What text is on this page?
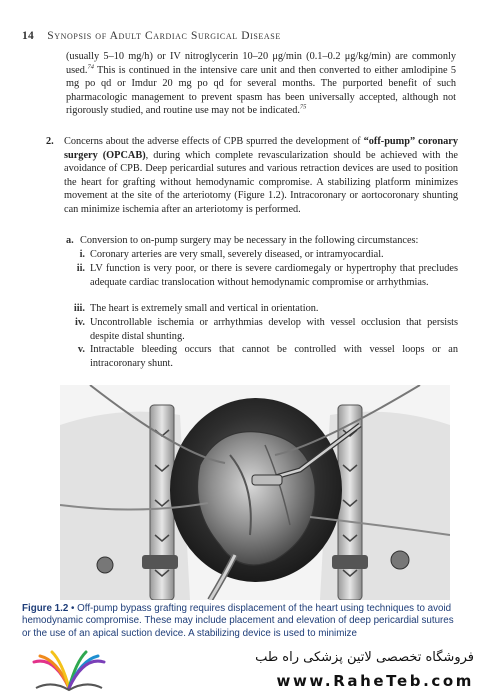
14 Synopsis of Adult Cardiac Surgical Disease

(usually 5–10 mg/h) or IV nitroglycerin 10–20 μg/min (0.1–0.2 μg/kg/min) are commonly used.$^{74}$ This is continued in the intensive care unit and then converted to either amlodipine 5 mg po qd or Imdur 20 mg po qd for several months. The purported benefit of such pharmacologic management to prevent spasm has been universally accepted, although not rigorously studied, and routine use may not be indicated.$^{75}$

2. Concerns about the adverse effects of CPB spurred the development of “off-pump” coronary surgery (OPCAB), during which complete revascularization should be achieved with the avoidance of CPB. Deep pericardial sutures and various retraction devices are used to position the heart for grafting without hemodynamic compromise. A stabilizing platform minimizes movement at the site of the arteriotomy (Figure 1.2). Intracoronary or aortocoronary shunting can minimize ischemia after an arteriotomy is performed.
a. Conversion to on-pump surgery may be necessary in the following circumstances:
i. Coronary arteries are very small, severely diseased, or intramyocardial.
ii. LV function is very poor, or there is severe cardiomegaly or hypertrophy that precludes adequate cardiac translocation without hemodynamic compromise or arrhythmias.
iii. The heart is extremely small and vertical in orientation.
iv. Uncontrollable ischemia or arrhythmias develop with vessel occlusion that persists despite distal shunting.
v. Intractable bleeding occurs that cannot be controlled with vessel loops or an intracoronary shunt.
Figure 1.2 • Off-pump bypass grafting requires displacement of the heart using techniques to avoid hemodynamic compromise. These may include placement and elevation of deep pericardial sutures or the use of an apical suction device. A stabilizing device is used to minimize
فروشگاه تخصصی لاتین پزشکی راه طب
www.RaheTeb.com
